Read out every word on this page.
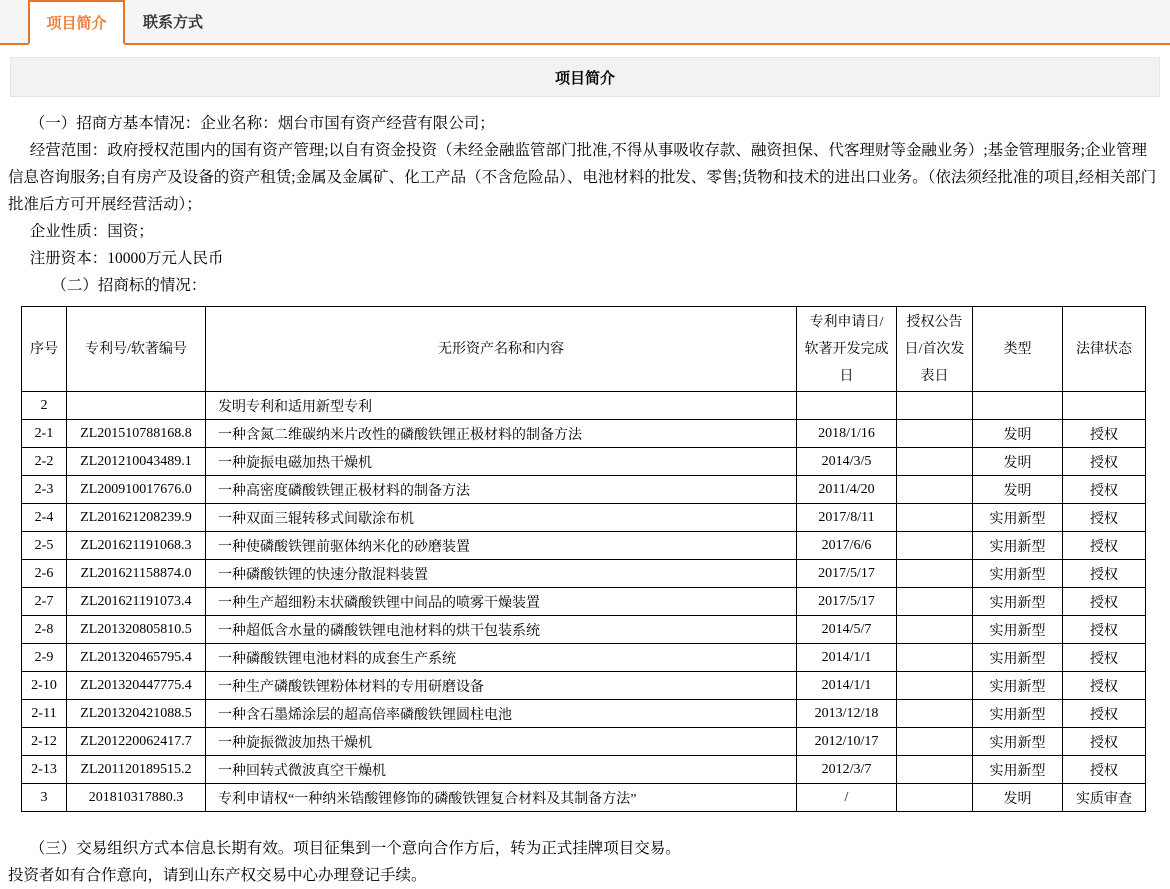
项目简介	联系方式
项目简介

（一）招商方基本情况：企业名称：烟台市国有资产经营有限公司；

经营范围：政府授权范围内的国有资产管理;以自有资金投资（未经金融监管部门批准,不得从事吸收存款、融资担保、代客理财等金融业务）;基金管理服务;企业管理信息咨询服务;自有房产及设备的资产租赁;金属及金属矿、化工产品（不含危险品）、电池材料的批发、零售;货物和技术的进出口业务。（依法须经批准的项目,经相关部门批准后方可开展经营活动）；

企业性质：国资；

注册资本：10000万元人民币

（二）招商标的情况：

序号	专利号/软著编号	无形资产名称和内容	专利申请日/软著开发完成日	授权公告日/首次发表日	类型	法律状态
2		发明专利和适用新型专利				
2-1	ZL201510788168.8	一种含氮二维碳纳米片改性的磷酸铁锂正极材料的制备方法	2018/1/16		发明	授权
2-2	ZL201210043489.1	一种旋振电磁加热干燥机	2014/3/5		发明	授权
2-3	ZL200910017676.0	一种高密度磷酸铁锂正极材料的制备方法	2011/4/20		发明	授权
2-4	ZL201621208239.9	一种双面三辊转移式间歇涂布机	2017/8/11		实用新型	授权
2-5	ZL201621191068.3	一种使磷酸铁锂前驱体纳米化的砂磨装置	2017/6/6		实用新型	授权
2-6	ZL201621158874.0	一种磷酸铁锂的快速分散混料装置	2017/5/17		实用新型	授权
2-7	ZL201621191073.4	一种生产超细粉末状磷酸铁锂中间品的喷雾干燥装置	2017/5/17		实用新型	授权
2-8	ZL201320805810.5	一种超低含水量的磷酸铁锂电池材料的烘干包装系统	2014/5/7		实用新型	授权
2-9	ZL201320465795.4	一种磷酸铁锂电池材料的成套生产系统	2014/1/1		实用新型	授权
2-10	ZL201320447775.4	一种生产磷酸铁锂粉体材料的专用研磨设备	2014/1/1		实用新型	授权
2-11	ZL201320421088.5	一种含石墨烯涂层的超高倍率磷酸铁锂圆柱电池	2013/12/18		实用新型	授权
2-12	ZL201220062417.7	一种旋振微波加热干燥机	2012/10/17		实用新型	授权
2-13	ZL201120189515.2	一种回转式微波真空干燥机	2012/3/7		实用新型	授权
3	201810317880.3	专利申请权“一种纳米锆酸锂修饰的磷酸铁锂复合材料及其制备方法”	/		发明	实质审查

（三）交易组织方式本信息长期有效。项目征集到一个意向合作方后，转为正式挂牌项目交易。

投资者如有合作意向，请到山东产权交易中心办理登记手续。
